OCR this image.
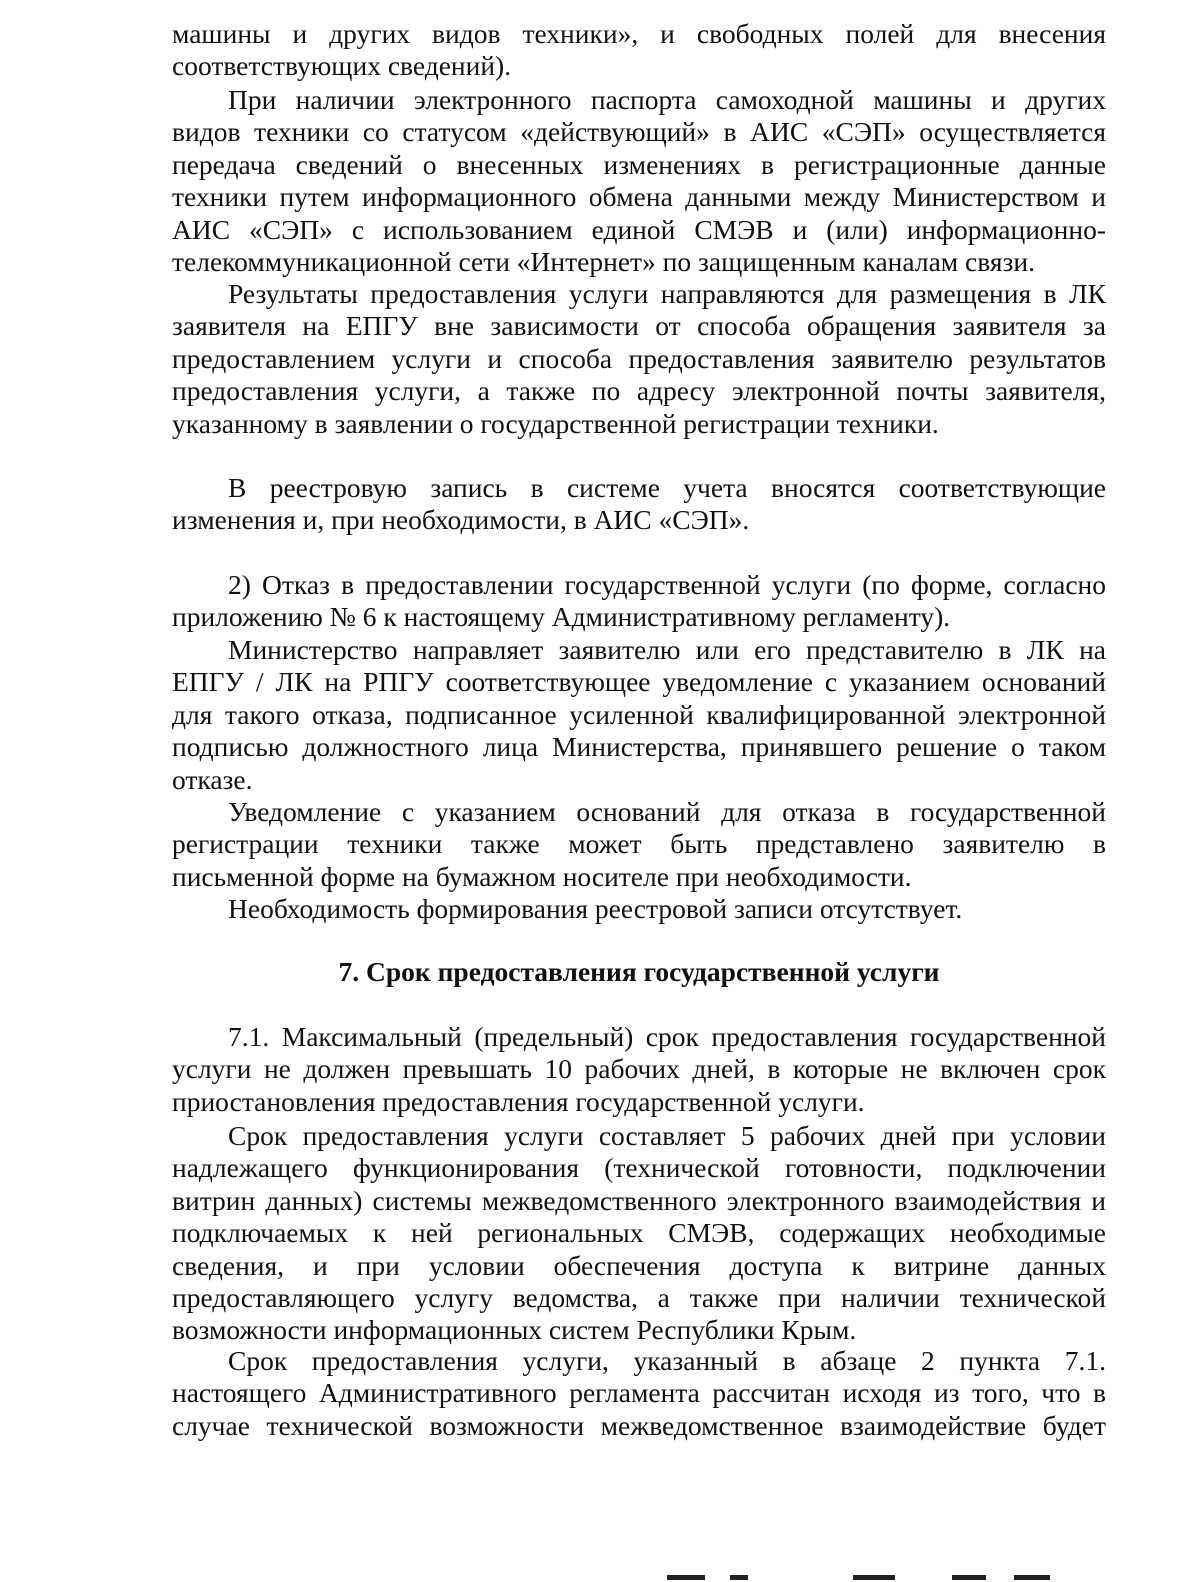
машины и других видов техники», и свободных полей для внесения
соответствующих сведений).
При наличии электронного паспорта самоходной машины и других
видов техники со статусом «действующий» в АИС «СЭП» осуществляется
передача сведений о внесенных изменениях в регистрационные данные
техники путем информационного обмена данными между Министерством и
АИС «СЭП» с использованием единой СМЭВ и (или) информационно-
телекоммуникационной сети «Интернет» по защищенным каналам связи.
Результаты предоставления услуги направляются для размещения в ЛК
заявителя на ЕПГУ вне зависимости от способа обращения заявителя за
предоставлением услуги и способа предоставления заявителю результатов
предоставления услуги, а также по адресу электронной почты заявителя,
указанному в заявлении о государственной регистрации техники.
В реестровую запись в системе учета вносятся соответствующие
изменения и, при необходимости, в АИС «СЭП».
2) Отказ в предоставлении государственной услуги (по форме, согласно
приложению № 6 к настоящему Административному регламенту).
Министерство направляет заявителю или его представителю в ЛК на
ЕПГУ / ЛК на РПГУ соответствующее уведомление с указанием оснований
для такого отказа, подписанное усиленной квалифицированной электронной
подписью должностного лица Министерства, принявшего решение о таком
отказе.
Уведомление с указанием оснований для отказа в государственной
регистрации техники также может быть представлено заявителю в
письменной форме на бумажном носителе при необходимости.
Необходимость формирования реестровой записи отсутствует.
7. Срок предоставления государственной услуги
7.1. Максимальный (предельный) срок предоставления государственной
услуги не должен превышать 10 рабочих дней, в которые не включен срок
приостановления предоставления государственной услуги.
Срок предоставления услуги составляет 5 рабочих дней при условии
надлежащего функционирования (технической готовности, подключении
витрин данных) системы межведомственного электронного взаимодействия и
подключаемых к ней региональных СМЭВ, содержащих необходимые
сведения, и при условии обеспечения доступа к витрине данных
предоставляющего услугу ведомства, а также при наличии технической
возможности информационных систем Республики Крым.
Срок предоставления услуги, указанный в абзаце 2 пункта 7.1.
настоящего Административного регламента рассчитан исходя из того, что в
случае технической возможности межведомственное взаимодействие будет
